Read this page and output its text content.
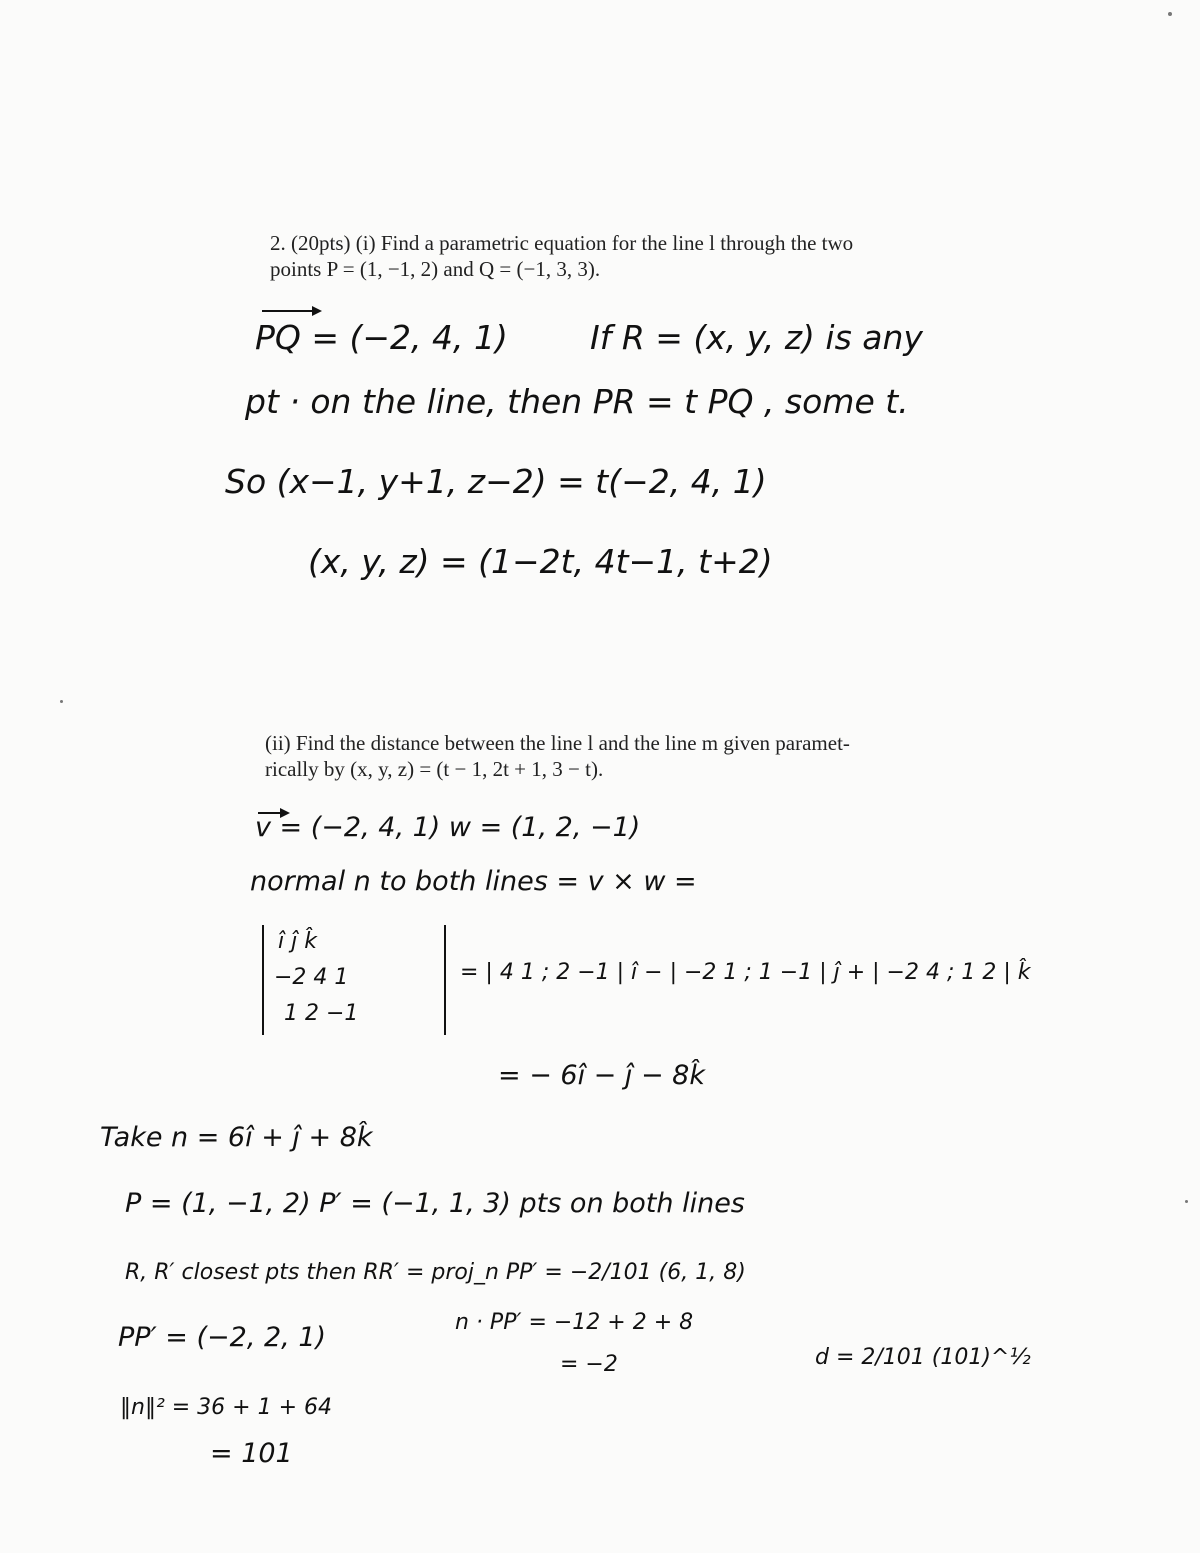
2. (20pts) (i) Find a parametric equation for the line l through the two
points P = (1, −1, 2) and Q = (−1, 3, 3).
PQ = (−2, 4, 1) If R = (x, y, z) is any
pt · on the line, then PR = t PQ , some t.
So (x−1, y+1, z−2) = t(−2, 4, 1)
(x, y, z) = (1−2t, 4t−1, t+2)
(ii) Find the distance between the line l and the line m given paramet-
rically by (x, y, z) = (t − 1, 2t + 1, 3 − t).
v = (−2, 4, 1) w = (1, 2, −1)
normal n to both lines = v × w =
î ĵ k̂
−2 4 1
1 2 −1
= | 4 1 ; 2 −1 | î − | −2 1 ; 1 −1 | ĵ + | −2 4 ; 1 2 | k̂
= − 6î − ĵ − 8k̂
Take n = 6î + ĵ + 8k̂
P = (1, −1, 2) P′ = (−1, 1, 3) pts on both lines
R, R′ closest pts then RR′ = proj_n PP′ = −2/101 (6, 1, 8)
PP′ = (−2, 2, 1)	n · PP′ = −12 + 2 + 8
= −2	d = 2/101 (101)^½
‖n‖² = 36 + 1 + 64
= 101
